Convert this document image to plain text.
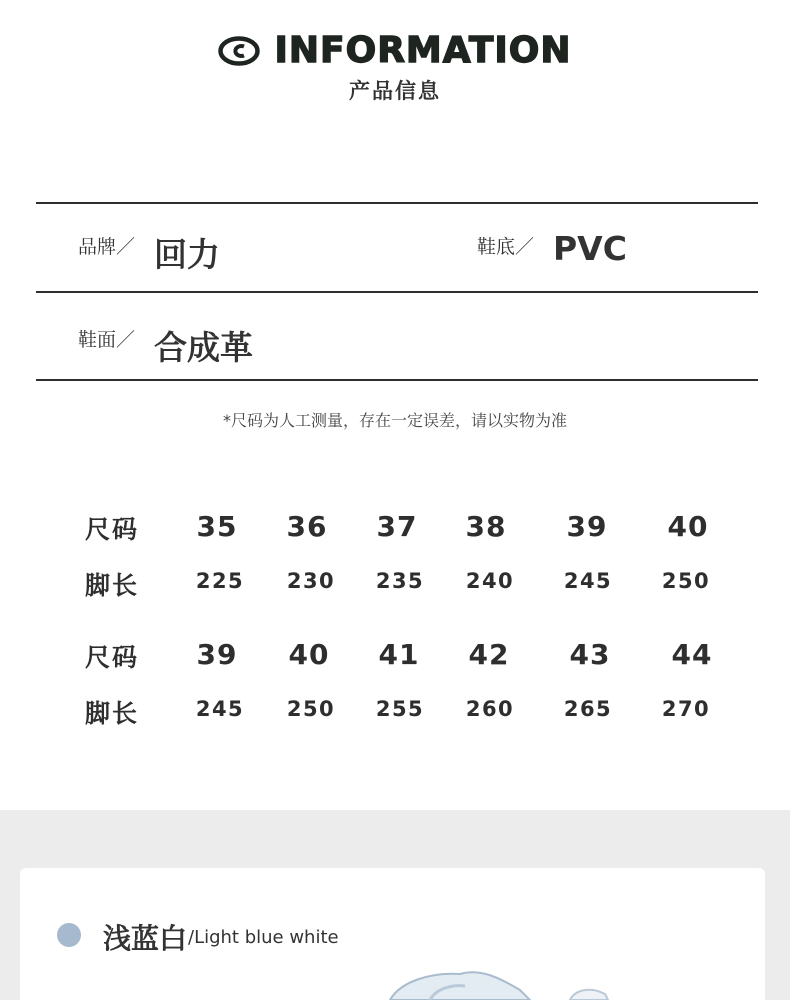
INFORMATION
产品信息
品牌／ 回力	鞋底／ PVC
鞋面／ 合成革
*尺码为人工测量，存在一定误差，请以实物为准
尺码	35	36	37	38	39	40
脚长	225 230 235 240 245 250
尺码	39	40	41	42	43	44
脚长	245 250 255 260 265 270
浅蓝白 /Light blue white
